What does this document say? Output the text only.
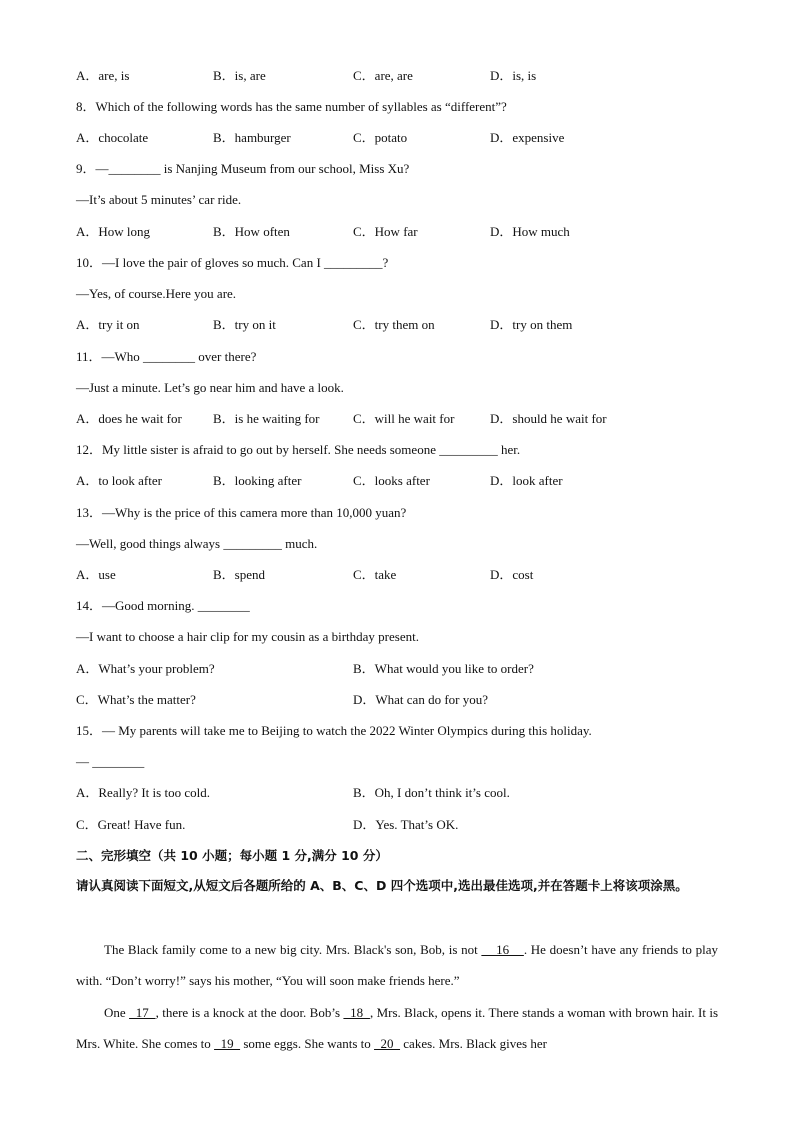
A．are, is	B．is, are	C．are, are	D．is, is
8．Which of the following words has the same number of syllables as “different”?
A．chocolate	B．hamburger	C．potato	D．expensive
9．—________ is Nanjing Museum from our school, Miss Xu?
—It’s about 5 minutes’ car ride.
A．How long	B．How often	C．How far	D．How much
10．—I love the pair of gloves so much. Can I _________?
—Yes, of course.Here you are.
A．try it on	B．try on it	C．try them on	D．try on them
11．—Who ________ over there?
—Just a minute. Let’s go near him and have a look.
A．does he wait for B．is he waiting for	C．will he wait for	D．should he wait for
12．My little sister is afraid to go out by herself. She needs someone _________ her.
A．to look after	B．looking after	C．looks after	D．look after
13．—Why is the price of this camera more than 10,000 yuan?
—Well, good things always _________ much.
A．use	B．spend	C．take	D．cost
14．—Good morning. ________
—I want to choose a hair clip for my cousin as a birthday present.
A．What’s your problem?	B．What would you like to order?
C．What’s the matter?	D．What can do for you?
15．— My parents will take me to Beijing to watch the 2022 Winter Olympics during this holiday.
— ________
A．Really? It is too cold.	B．Oh, I don’t think it’s cool.
C．Great! Have fun.	D．Yes. That’s OK.
二、完形填空（共 10 小题；每小题 1 分,满分 10 分）
请认真阅读下面短文,从短文后各题所给的 A、B、C、D 四个选项中,选出最佳选项,并在答题卡上将该项涂黑。
The Black family come to a new big city. Mrs. Black's son, Bob, is not     16    . He doesn’t have any friends to play with. “Don’t worry!” says his mother, “You will soon make friends here.”
One   17  , there is a knock at the door. Bob’s   18  , Mrs. Black, opens it. There stands a woman with brown hair. It is Mrs. White. She comes to   19   some eggs. She wants to   20   cakes. Mrs. Black gives her
